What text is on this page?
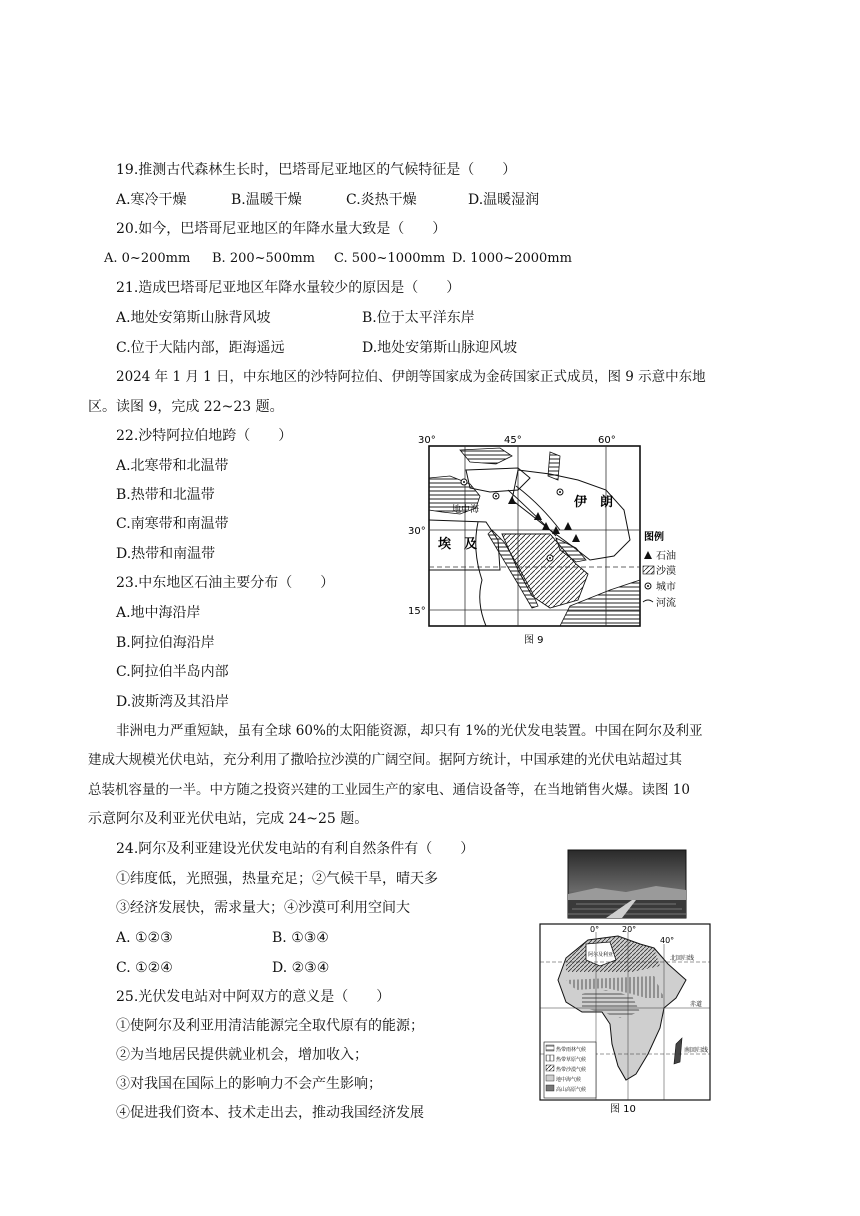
19.推测古代森林生长时，巴塔哥尼亚地区的气候特征是（　　）
A.寒冷干燥	B.温暖干燥	C.炎热干燥	D.温暖湿润
20.如今，巴塔哥尼亚地区的年降水量大致是（　　）
A. 0~200mm B. 200~500mm C. 500~1000mm D. 1000~2000mm
21.造成巴塔哥尼亚地区年降水量较少的原因是（　　）
A.地处安第斯山脉背风坡	B.位于太平洋东岸
C.位于大陆内部，距海遥远	D.地处安第斯山脉迎风坡
2024 年 1 月 1 日，中东地区的沙特阿拉伯、伊朗等国家成为金砖国家正式成员，图 9 示意中东地
区。读图 9，完成 22~23 题。
22.沙特阿拉伯地跨（　　）
A.北寒带和北温带
B.热带和北温带
C.南寒带和南温带
D.热带和南温带
23.中东地区石油主要分布（　　）
A.地中海沿岸
B.阿拉伯海沿岸
C.阿拉伯半岛内部
D.波斯湾及其沿岸
30°	45°	60°
30°
15°
伊　朗
埃　及
地中海
图例
石油
沙漠
城市
河流
图 9
非洲电力严重短缺，虽有全球 60%的太阳能资源，却只有 1%的光伏发电装置。中国在阿尔及利亚
建成大规模光伏电站，充分利用了撒哈拉沙漠的广阔空间。据阿方统计，中国承建的光伏电站超过其
总装机容量的一半。中方随之投资兴建的工业园生产的家电、通信设备等，在当地销售火爆。读图 10
示意阿尔及利亚光伏电站，完成 24~25 题。
24.阿尔及利亚建设光伏发电站的有利自然条件有（　　）
①纬度低，光照强，热量充足；②气候干旱，晴天多
③经济发展快，需求量大；④沙漠可利用空间大
A. ①②③	B. ①③④
C. ①②④	D. ②③④
25.光伏发电站对中阿双方的意义是（　　）
①使阿尔及利亚用清洁能源完全取代原有的能源；
②为当地居民提供就业机会，增加收入；
③对我国在国际上的影响力不会产生影响；
④促进我们资本、技术走出去，推动我国经济发展
0°	20°
40°
阿尔及利亚	北回归线
赤道
南回归线
热带雨林气候
热带草原气候
热带沙漠气候
地中海气候
高山高原气候
图 10
